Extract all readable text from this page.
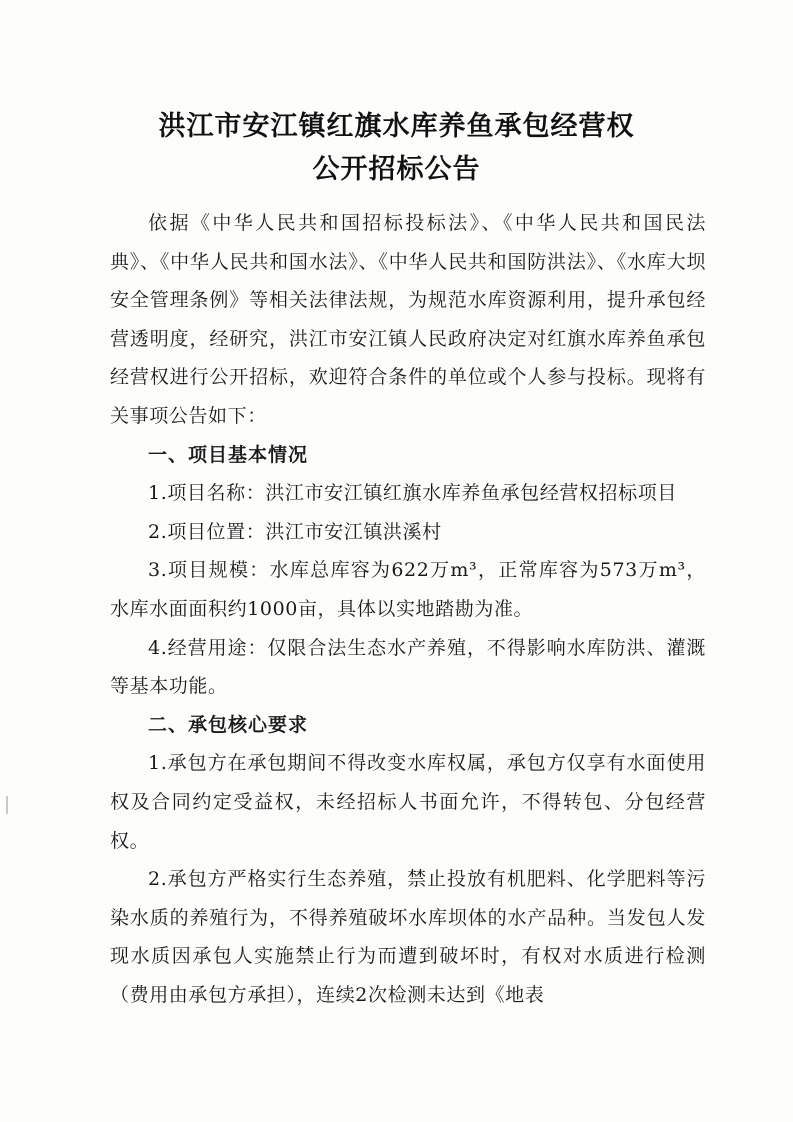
洪江市安江镇红旗水库养鱼承包经营权
公开招标公告

依据《中华人民共和国招标投标法》、《中华人民共和国民法典》、《中华人民共和国水法》、《中华人民共和国防洪法》、《水库大坝安全管理条例》等相关法律法规，为规范水库资源利用，提升承包经营透明度，经研究，洪江市安江镇人民政府决定对红旗水库养鱼承包经营权进行公开招标，欢迎符合条件的单位或个人参与投标。现将有关事项公告如下：

一、项目基本情况

1.项目名称：洪江市安江镇红旗水库养鱼承包经营权招标项目

2.项目位置：洪江市安江镇洪溪村

3.项目规模：水库总库容为622万m³，正常库容为573万m³，水库水面面积约1000亩，具体以实地踏勘为准。

4.经营用途：仅限合法生态水产养殖，不得影响水库防洪、灌溉等基本功能。

二、承包核心要求

1.承包方在承包期间不得改变水库权属，承包方仅享有水面使用权及合同约定受益权，未经招标人书面允许，不得转包、分包经营权。

2.承包方严格实行生态养殖，禁止投放有机肥料、化学肥料等污染水质的养殖行为，不得养殖破坏水库坝体的水产品种。当发包人发现水质因承包人实施禁止行为而遭到破坏时，有权对水质进行检测（费用由承包方承担），连续2次检测未达到《地表
